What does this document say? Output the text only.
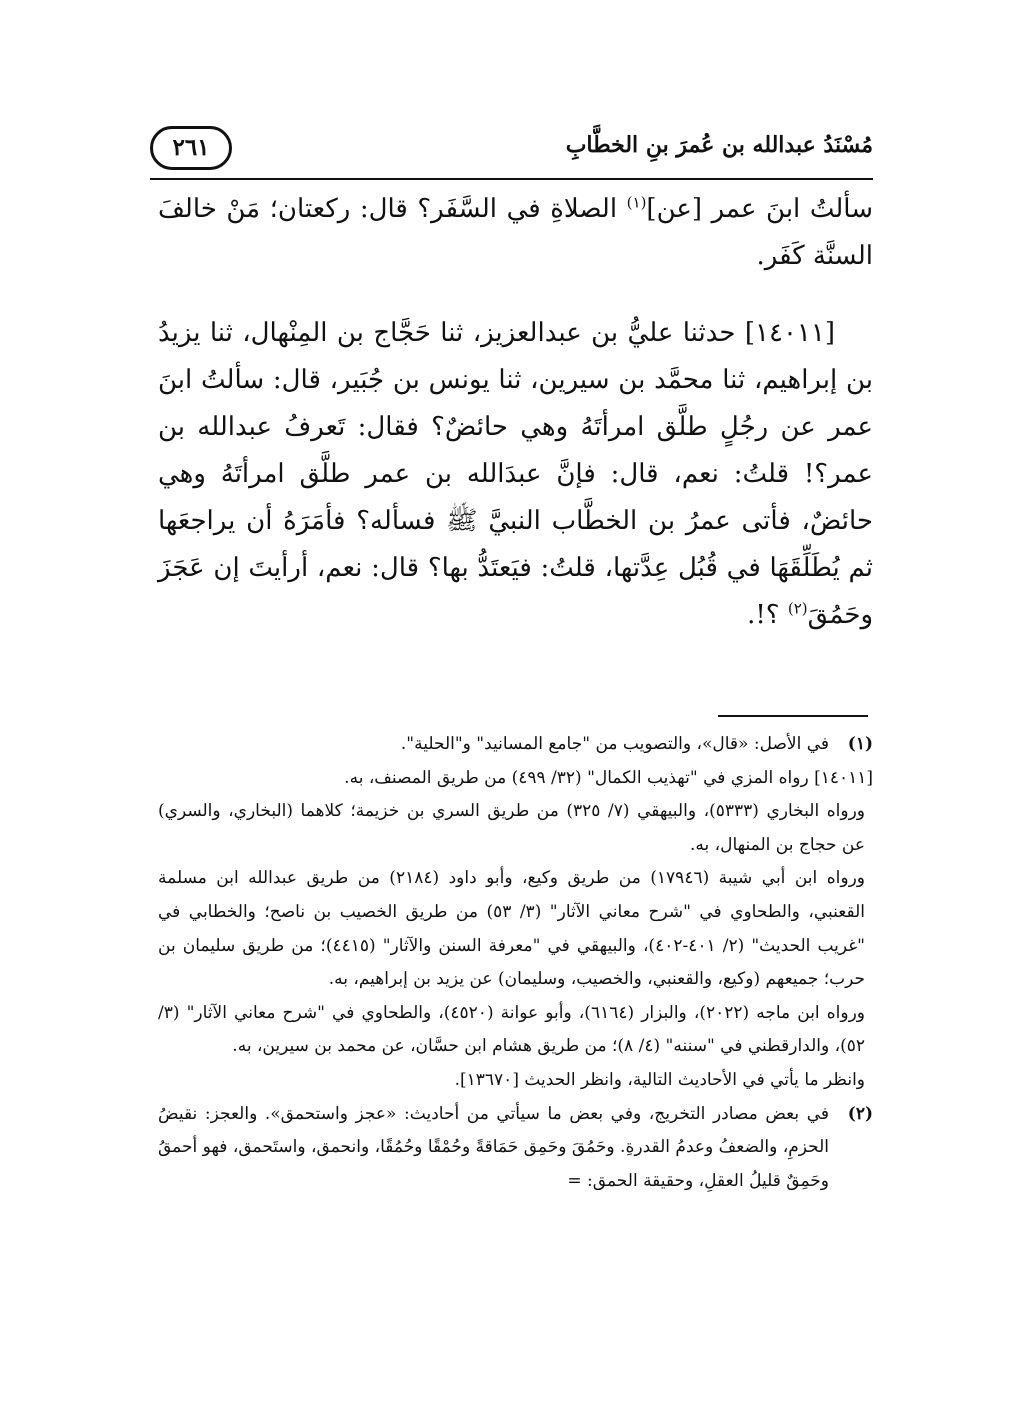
مُسْنَدُ عبدالله بن عُمرَ بنِ الخطَّابِ
٢٦١

سألتُ ابنَ عمر [عن]$^{(١)}$ الصلاةِ في السَّفَر؟ قال: ركعتان؛ مَنْ خالفَ السنَّة كَفَر.

[١٤٠١١] حدثنا عليُّ بن عبدالعزيز، ثنا حَجَّاج بن المِنْهال، ثنا يزيدُ بن إبراهيم، ثنا محمَّد بن سيرين، ثنا يونس بن جُبَير، قال: سألتُ ابنَ عمر عن رجُلٍ طلَّق امرأتَهُ وهي حائضٌ؟ فقال: تَعرفُ عبدالله بن عمر؟! قلتُ: نعم، قال: فإنَّ عبدَالله بن عمر طلَّق امرأتَهُ وهي حائضٌ، فأتى عمرُ بن الخطَّاب النبيَّ ﷺ فسأله؟ فأمَرَهُ أن يراجعَها ثم يُطَلِّقَهَا في قُبُل عِدَّتها، قلتُ: فيَعتَدُّ بها؟ قال: نعم، أرأيتَ إن عَجَزَ وحَمُقَ$^{(٢)}$ ؟!.

(١)
في الأصل: «قال»، والتصويب من "جامع المسانيد" و"الحلية".

[١٤٠١١] رواه المزي في "تهذيب الكمال" (٣٢/ ٤٩٩) من طريق المصنف، به.

ورواه البخاري (٥٣٣٣)، والبيهقي (٧/ ٣٢٥) من طريق السري بن خزيمة؛ كلاهما (البخاري، والسري) عن حجاج بن المنهال، به.

ورواه ابن أبي شيبة (١٧٩٤٦) من طريق وكيع، وأبو داود (٢١٨٤) من طريق عبدالله ابن مسلمة القعنبي، والطحاوي في "شرح معاني الآثار" (٣/ ٥٣) من طريق الخصيب بن ناصح؛ والخطابي في "غريب الحديث" (٢/ ٤٠١-٤٠٢)، والبيهقي في "معرفة السنن والآثار" (٤٤١٥)؛ من طريق سليمان بن حرب؛ جميعهم (وكيع، والقعنبي، والخصيب، وسليمان) عن يزيد بن إبراهيم، به.

ورواه ابن ماجه (٢٠٢٢)، والبزار (٦١٦٤)، وأبو عوانة (٤٥٢٠)، والطحاوي في "شرح معاني الآثار" (٣/ ٥٢)، والدارقطني في "سننه" (٤/ ٨)؛ من طريق هشام ابن حسَّان، عن محمد بن سيرين، به.

وانظر ما يأتي في الأحاديث التالية، وانظر الحديث [١٣٦٧٠].

(٢)
في بعض مصادر التخريج، وفي بعض ما سيأتي من أحاديث: «عجز واستحمق». والعجز: نقيضُ الحزمِ، والضعفُ وعدمُ القدرةِ. وحَمُقَ وحَمِق حَمَاقةً وحُمْقًا وحُمُقًا، وانحمق، واستَحمق، فهو أحمقُ وحَمِقٌ قليلُ العقلِ، وحقيقة الحمق: =
